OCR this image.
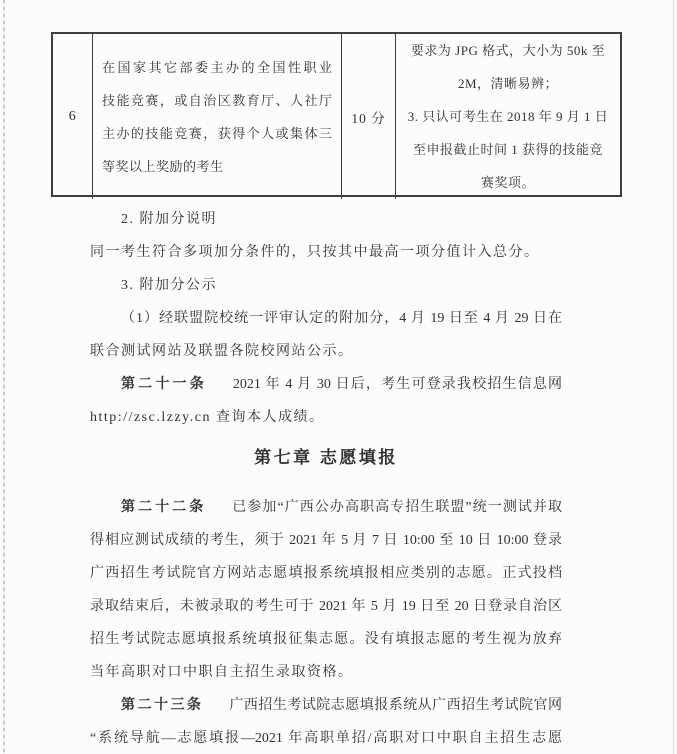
6
在国家其它部委主办的全国性职业
技能竞赛，或自治区教育厅、人社厅
主办的技能竞赛，获得个人或集体三
等奖以上奖励的考生
10 分
要求为 JPG 格式，大小为 50k 至
2M，清晰易辨；
3. 只认可考生在 2018 年 9 月 1 日
至申报截止时间 1 获得的技能竞
赛奖项。
2. 附加分说明
同一考生符合多项加分条件的，只按其中最高一项分值计入总分。
3. 附加分公示
（1）经联盟院校统一评审认定的附加分，4 月 19 日至 4 月 29 日在
联合测试网站及联盟各院校网站公示。
第二十一条 2021 年 4 月 30 日后，考生可登录我校招生信息网
http://zsc.lzzy.cn 查询本人成绩。
第七章 志愿填报
第二十二条 已参加“广西公办高职高专招生联盟”统一测试并取
得相应测试成绩的考生，须于 2021 年 5 月 7 日 10:00 至 10 日 10:00 登录
广西招生考试院官方网站志愿填报系统填报相应类别的志愿。正式投档
录取结束后，未被录取的考生可于 2021 年 5 月 19 日至 20 日登录自治区
招生考试院志愿填报系统填报征集志愿。没有填报志愿的考生视为放弃
当年高职对口中职自主招生录取资格。
第二十三条 广西招生考试院志愿填报系统从广西招生考试院官网
“系统导航—志愿填报—2021 年高职单招/高职对口中职自主招生志愿
